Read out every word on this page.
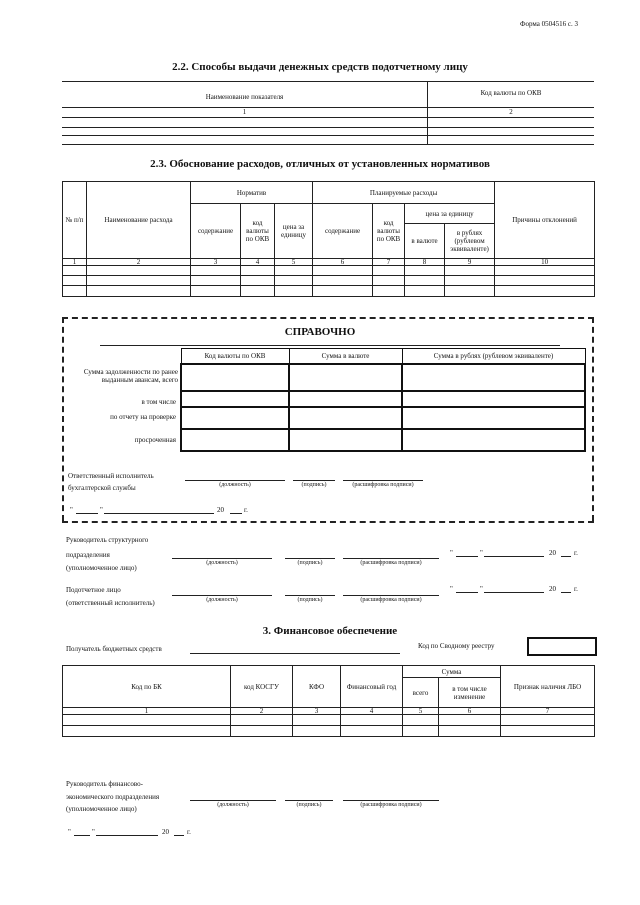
Форма 0504516 с. 3
2.2. Способы выдачи денежных средств подотчетному лицу
Наименование показателя	Код валюты по ОКВ
1	2
2.3. Обоснование расходов, отличных от установленных нормативов
№ п/п	Наименование расхода	Норматив			Планируемые расходы				Причины отклонений
		содержание	код валюты по ОКВ	цена за единицу	содержание	код валюты по ОКВ	цена за единицу		
							в валюте	в рублях (рублевом эквиваленте)	
1	2	3	4	5	6	7	8	9	10

СПРАВОЧНО
Код валюты по ОКВ	Сумма в валюте	Сумма в рублях (рублевом эквиваленте)

Сумма задолженности по ранее выданным авансам, всего
в том числе
по отчету на проверке
просроченная
Ответственный исполнитель
бухгалтерской службы	(должность)	(подпись)	(расшифровка подписи)
"	"	20	г.
Руководитель структурного
подразделения
(уполномоченное лицо)
(должность)	(подпись)	(расшифровка подписи)
"	"	20	г.
Подотчетное лицо
(ответственный исполнитель)	(должность)	(подпись)	(расшифровка подписи)
"	"	20	г.
3. Финансовое обеспечение
Получатель бюджетных средств	Код по Сводному реестру
Код по БК	код КОСГУ	КФО	Финансовый год	Сумма		Признак наличия ЛБО
				всего	в том числе изменение	
1	2	3	4	5	6	7

Руководитель финансово-
экономического подразделения
(уполномоченное лицо)	(должность)	(подпись)	(расшифровка подписи)
"	"	20	г.
